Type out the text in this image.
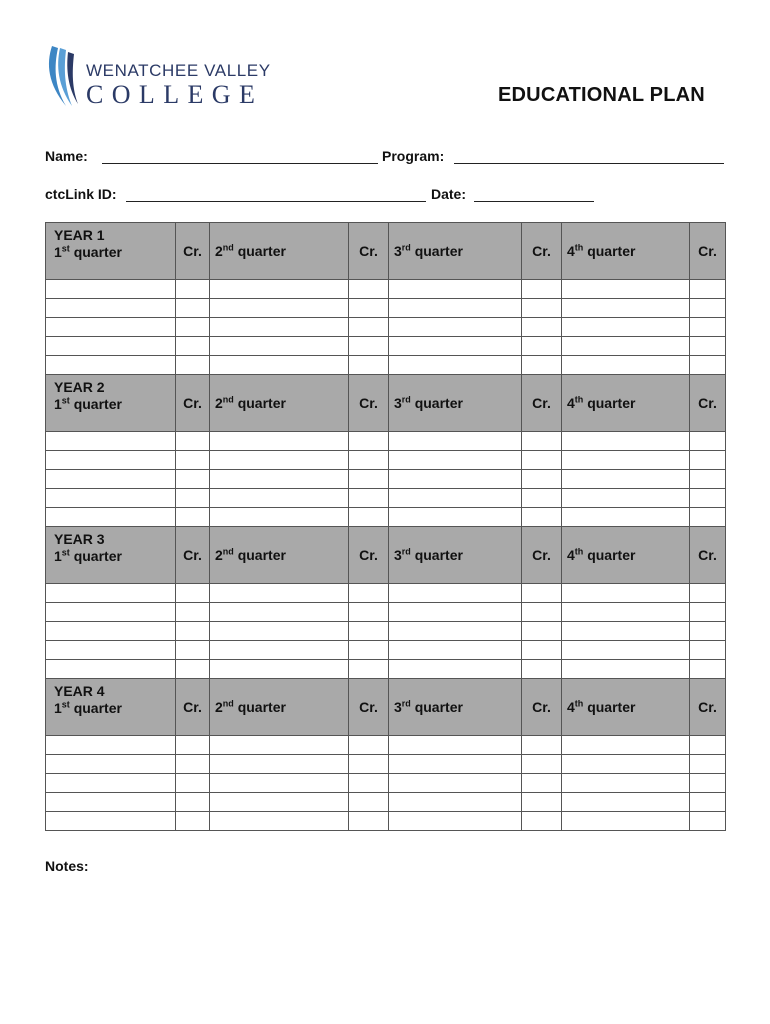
WENATCHEE VALLEY
COLLEGE	EDUCATIONAL PLAN
Name:	Program:
ctcLink ID:	Date:
YEAR 1
1st quarter	Cr.	2nd quarter	Cr.	3rd quarter	Cr.	4th quarter	Cr.

YEAR 2
1st quarter	Cr.	2nd quarter	Cr.	3rd quarter	Cr.	4th quarter	Cr.

YEAR 3
1st quarter	Cr.	2nd quarter	Cr.	3rd quarter	Cr.	4th quarter	Cr.

YEAR 4
1st quarter	Cr.	2nd quarter	Cr.	3rd quarter	Cr.	4th quarter	Cr.

Notes:
